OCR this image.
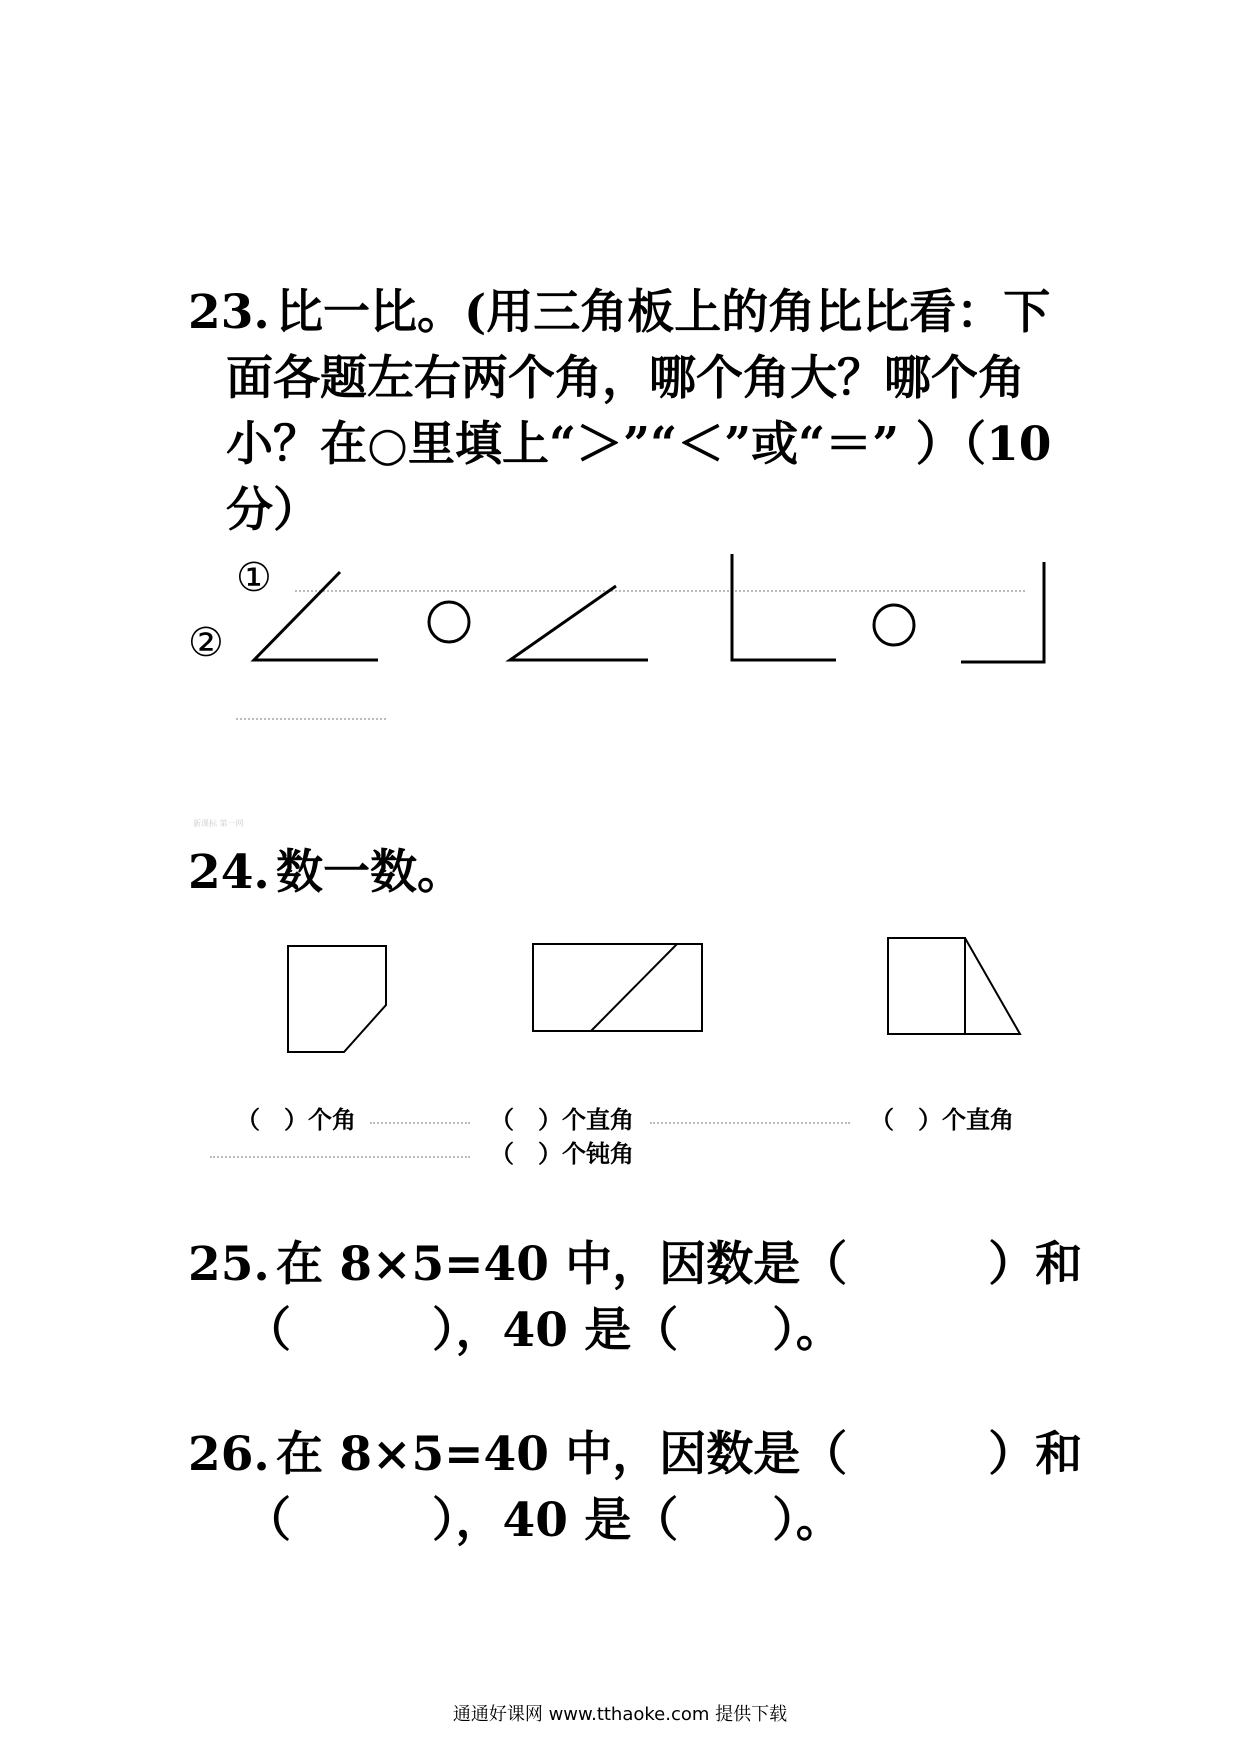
23. 比一比。(用三角板上的角比比看：下
面各题左右两个角，哪个角大？哪个角
小？在○里填上“＞”“＜”或“＝” ）（10
分）
①
②
新课标 第一网
24. 数一数。
（　）个角	（　）个直角
（　）个钝角
（　）个直角
25. 在 8×5=40 中，因数是（　　　）和
（　　　），40 是（　　）。
26. 在 8×5=40 中，因数是（　　　）和
（　　　），40 是（　　）。
通通好课网 www.tthaoke.com 提供下载
